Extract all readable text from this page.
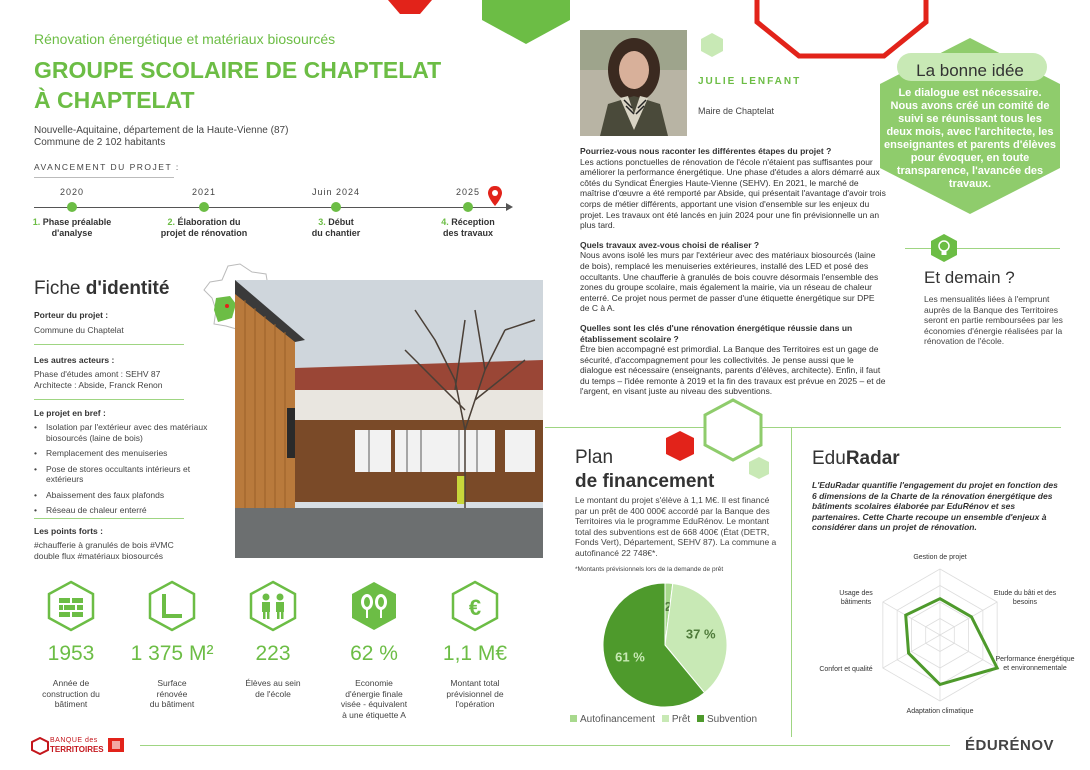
Rénovation énergétique et matériaux biosourcés
GROUPE SCOLAIRE DE CHAPTELAT
À CHAPTELAT
Nouvelle-Aquitaine, département de la Haute-Vienne (87)
Commune de 2 102 habitants
AVANCEMENT DU PROJET :
2020	2021	Juin 2024	2025
1. Phase préalable
d'analyse
2. Élaboration du
projet de rénovation
3. Début
du chantier
4. Réception
des travaux
Fiche d'identité
Porteur du projet :
Commune du Chaptelat
Les autres acteurs :
Phase d'études amont : SEHV 87
Architecte : Abside, Franck Renon
Le projet en bref :
• Isolation par l'extérieur avec des matériaux biosourcés (laine de bois)
• Remplacement des menuiseries
• Pose de stores occultants intérieurs et extérieurs
• Abaissement des faux plafonds
• Réseau de chaleur enterré
Les points forts :
#chaufferie à granulés de bois #VMC
double flux #matériaux biosourcés
€
1953	1 375 M²	223	62 %	1,1 M€
Année de
construction du
bâtiment
Surface
rénovée
du bâtiment
Élèves au sein
de l'école
Economie
d'énergie finale
visée - équivalent
à une étiquette A
Montant total
prévisionnel de
l'opération
JULIE LENFANT
Maire de Chaptelat

Pourriez-vous nous raconter les différentes étapes du projet ?
Les actions ponctuelles de rénovation de l'école n'étaient pas suffisantes pour améliorer la performance énergétique. Une phase d'études a alors démarré aux côtés du Syndicat Énergies Haute-Vienne (SEHV). En 2021, le marché de maîtrise d'œuvre a été remporté par Abside, qui présentait l'avantage d'avoir trois corps de métier différents, apportant une vision d'ensemble sur les enjeux du projet. Les travaux ont été lancés en juin 2024 pour une fin prévisionnelle un an plus tard.

Quels travaux avez-vous choisi de réaliser ?
Nous avons isolé les murs par l'extérieur avec des matériaux biosourcés (laine de bois), remplacé les menuiseries extérieures, installé des LED et posé des occultants. Une chaufferie à granulés de bois couvre désormais l'ensemble des zones du groupe scolaire, mais également la mairie, via un réseau de chaleur enterré. Ce projet nous permet de passer d'une étiquette énergétique sur DPE de C à A.

Quelles sont les clés d'une rénovation énergétique réussie dans un établissement scolaire ?
Être bien accompagné est primordial. La Banque des Territoires est un gage de sécurité, d'accompagnement pour les collectivités. Je pense aussi que le dialogue est nécessaire (enseignants, parents d'élèves, architecte). Enfin, il faut du temps – l'idée remonte à 2019 et la fin des travaux est prévue en 2025 – et de l'argent, en visant juste au niveau des subventions.

La bonne idée
Le dialogue est nécessaire. Nous avons créé un comité de suivi se réunissant tous les deux mois, avec l'architecte, les enseignantes et parents d'élèves pour évoquer, en toute transparence, l'avancée des travaux.
Et demain ?
Les mensualités liées à l'emprunt auprès de la Banque des Territoires seront en partie remboursées par les économies d'énergie réalisées par la rénovation de l'école.
Plan
de financement
Le montant du projet s'élève à 1,1 M€. Il est financé par un prêt de 400 000€ accordé par la Banque des Territoires via le programme EduRénov. Le montant total des subventions est de 668 400€ (État (DETR, Fonds Vert), Département, SEHV 87). La commune a autofinancé 22 748€*.
*Montants prévisionnels lors de la demande de prêt
37 %
61 %
Autofinancement Prêt Subvention
EduRadar
L'EduRadar quantifie l'engagement du projet en fonction des 6 dimensions de la Charte de la rénovation énergétique des bâtiments scolaires élaborée par EduRénov et ses partenaires. Cette Charte recoupe un ensemble d'enjeux à considérer dans un projet de rénovation.
Gestion de projet
Etude du bâti et des besoins
Performance énergétique et environnementale
Adaptation climatique
Confort et qualité
Usage des bâtiments
BANQUE des
TERRITOIRES	ÉDURÉNOV
